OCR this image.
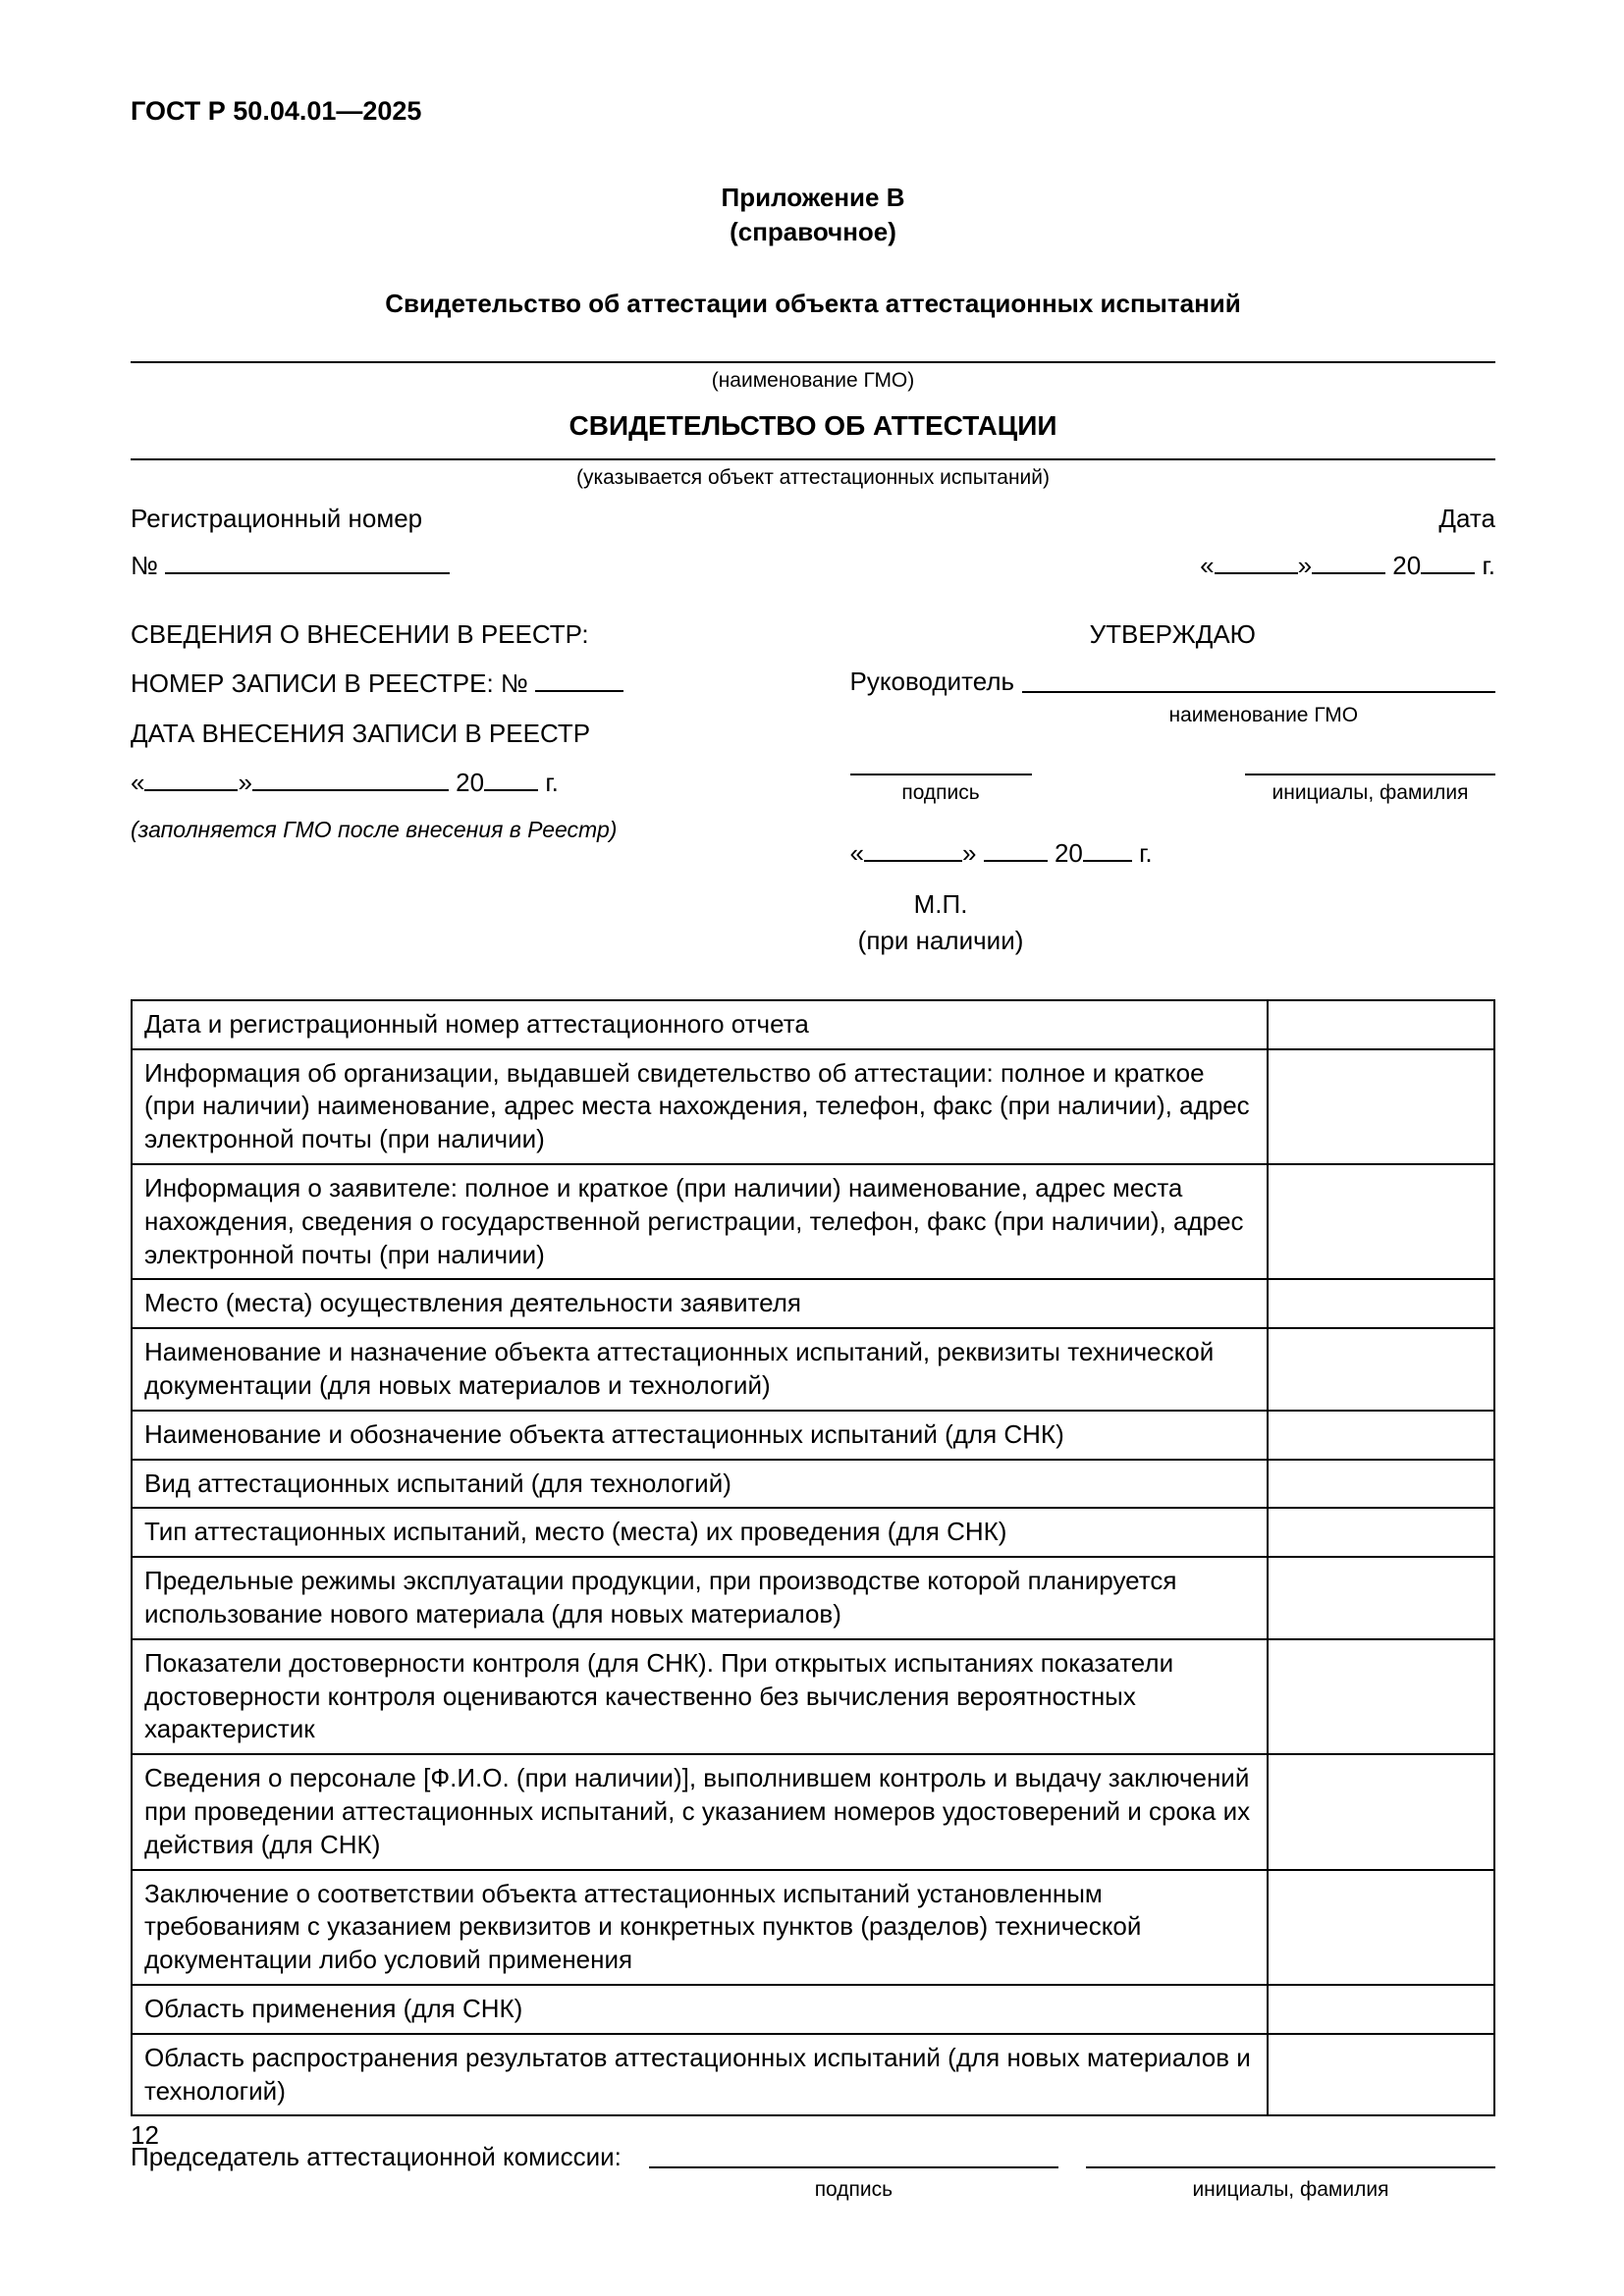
ГОСТ Р 50.04.01—2025
Приложение В
(справочное)
Свидетельство об аттестации объекта аттестационных испытаний
(наименование ГМО)
СВИДЕТЕЛЬСТВО ОБ АТТЕСТАЦИИ
(указывается объект аттестационных испытаний)
Регистрационный номер	Дата
№	«	»	20 г.
СВЕДЕНИЯ О ВНЕСЕНИИ В РЕЕСТР:
НОМЕР ЗАПИСИ В РЕЕСТРЕ: №
ДАТА ВНЕСЕНИЯ ЗАПИСИ В РЕЕСТР
«	»	20 г.
(заполняется ГМО после внесения в Реестр)
УТВЕРЖДАЮ
Руководитель
наименование ГМО
подпись	инициалы, фамилия
«	»	20 г.
М.П.
(при наличии)
Дата и регистрационный номер аттестационного отчета	
Информация об организации, выдавшей свидетельство об аттестации: полное и краткое (при наличии) наименование, адрес места нахождения, телефон, факс (при наличии), адрес электронной почты (при наличии)	
Информация о заявителе: полное и краткое (при наличии) наименование, адрес места нахождения, сведения о государственной регистрации, телефон, факс (при наличии), адрес электронной почты (при наличии)	
Место (места) осуществления деятельности заявителя	
Наименование и назначение объекта аттестационных испытаний, реквизиты технической документации (для новых материалов и технологий)	
Наименование и обозначение объекта аттестационных испытаний (для СНК)	
Вид аттестационных испытаний (для технологий)	
Тип аттестационных испытаний, место (места) их проведения (для СНК)	
Предельные режимы эксплуатации продукции, при производстве которой планируется использование нового материала (для новых материалов)	
Показатели достоверности контроля (для СНК). При открытых испытаниях показатели достоверности контроля оцениваются качественно без вычисления вероятностных характеристик	
Сведения о персонале [Ф.И.О. (при наличии)], выполнившем контроль и выдачу заключений при проведении аттестационных испытаний, с указанием номеров удостоверений и срока их действия (для СНК)	
Заключение о соответствии объекта аттестационных испытаний установленным требованиям с указанием реквизитов и конкретных пунктов (разделов) технической документации либо условий применения	
Область применения (для СНК)	
Область распространения результатов аттестационных испытаний (для новых материалов и технологий)	
Председатель аттестационной комиссии:
подпись	инициалы, фамилия
12
